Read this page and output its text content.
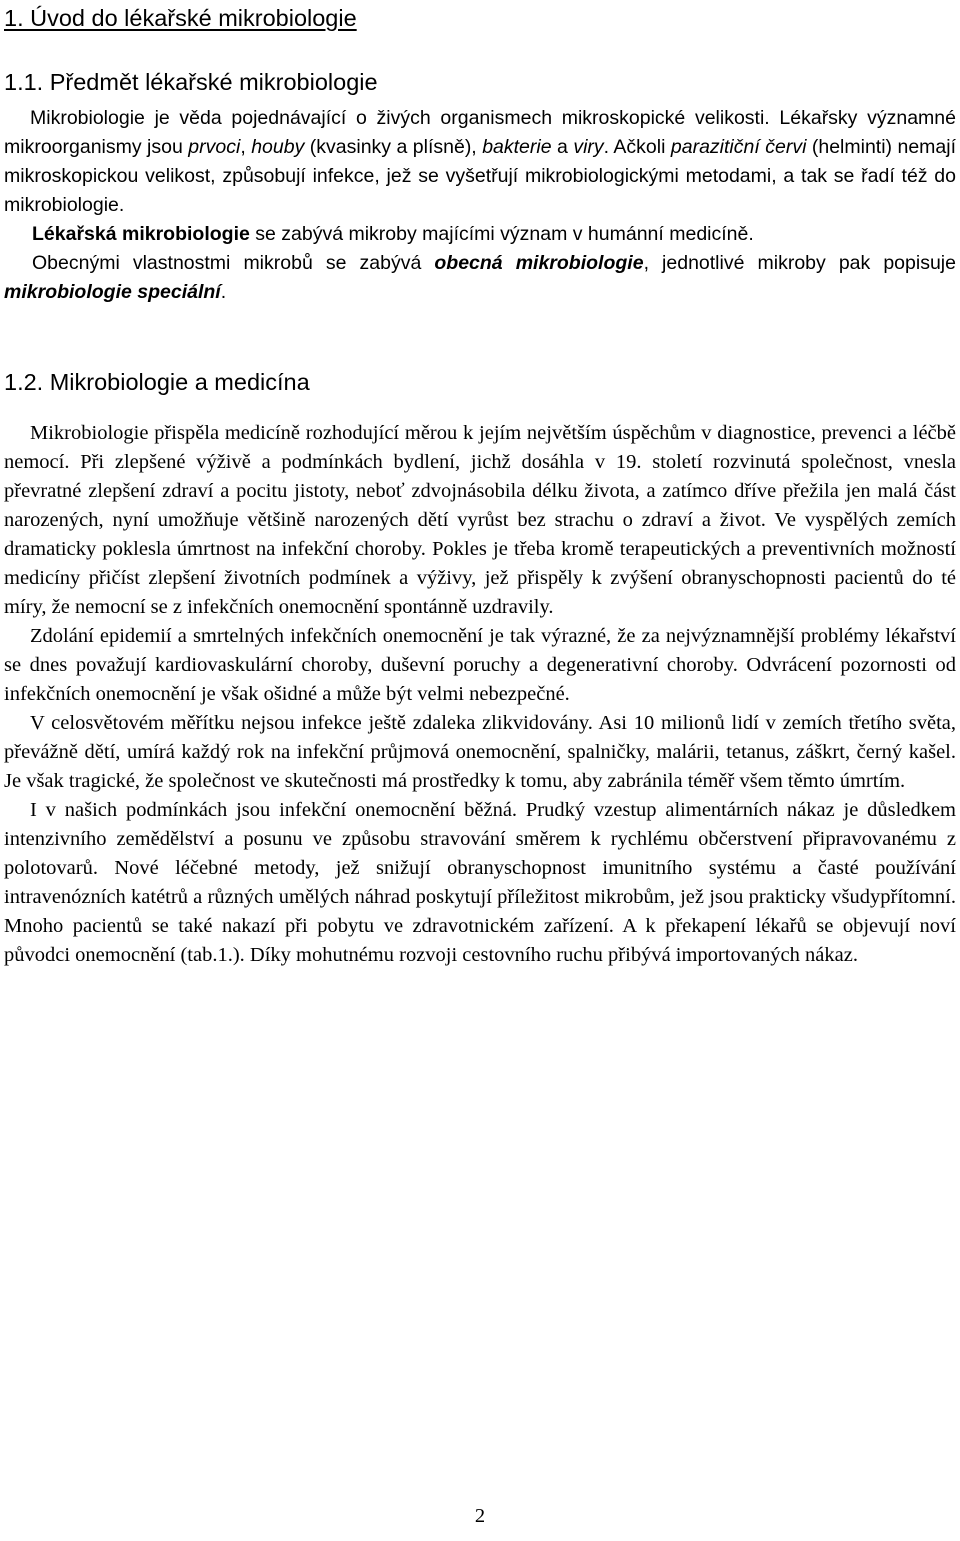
1. Úvod do lékařské mikrobiologie
1.1. Předmět lékařské mikrobiologie

Mikrobiologie je věda pojednávající o živých organismech mikroskopické velikosti. Lékařsky významné mikroorganismy jsou prvoci, houby (kvasinky a plísně), bakterie a viry. Ačkoli parazitiční červi (helminti) nemají mikroskopickou velikost, způsobují infekce, jež se vyšetřují mikrobiologickými metodami, a tak se řadí též do mikrobiologie.

Lékařská mikrobiologie se zabývá mikroby majícími význam v humánní medicíně.

Obecnými vlastnostmi mikrobů se zabývá obecná mikrobiologie, jednotlivé mikroby pak popisuje mikrobiologie speciální.

1.2. Mikrobiologie a medicína

Mikrobiologie přispěla medicíně rozhodující měrou k jejím největším úspěchům v diagnostice, prevenci a léčbě nemocí. Při zlepšené výživě a podmínkách bydlení, jichž dosáhla v 19. století rozvinutá společnost, vnesla převratné zlepšení zdraví a pocitu jistoty, neboť zdvojnásobila délku života, a zatímco dříve přežila jen malá část narozených, nyní umožňuje většině narozených dětí vyrůst bez strachu o zdraví a život. Ve vyspělých zemích dramaticky poklesla úmrtnost na infekční choroby. Pokles je třeba kromě terapeutických a preventivních možností medicíny přičíst zlepšení životních podmínek a výživy, jež přispěly k zvýšení obranyschopnosti pacientů do té míry, že nemocní se z infekčních onemocnění spontánně uzdravily.

Zdolání epidemií a smrtelných infekčních onemocnění je tak výrazné, že za nejvýznamnější problémy lékařství se dnes považují kardiovaskulární choroby, duševní poruchy a degenerativní choroby. Odvrácení pozornosti od infekčních onemocnění je však ošidné a může být velmi nebezpečné.

V celosvětovém měřítku nejsou infekce ještě zdaleka zlikvidovány. Asi 10 milionů lidí v zemích třetího světa, převážně dětí, umírá každý rok na infekční průjmová onemocnění, spalničky, malárii, tetanus, záškrt, černý kašel. Je však tragické, že společnost ve skutečnosti má prostředky k tomu, aby zabránila téměř všem těmto úmrtím.

I v našich podmínkách jsou infekční onemocnění běžná. Prudký vzestup alimentárních nákaz je důsledkem intenzivního zemědělství a posunu ve způsobu stravování směrem k rychlému občerstvení připravovanému z polotovarů. Nové léčebné metody, jež snižují obranyschopnost imunitního systému a časté používání intravenózních katétrů a různých umělých náhrad poskytují příležitost mikrobům, jež jsou prakticky všudypřítomní. Mnoho pacientů se také nakazí při pobytu ve zdravotnickém zařízení. A k překapení lékařů se objevují noví původci onemocnění (tab.1.). Díky mohutnému rozvoji cestovního ruchu přibývá importovaných nákaz.

2
